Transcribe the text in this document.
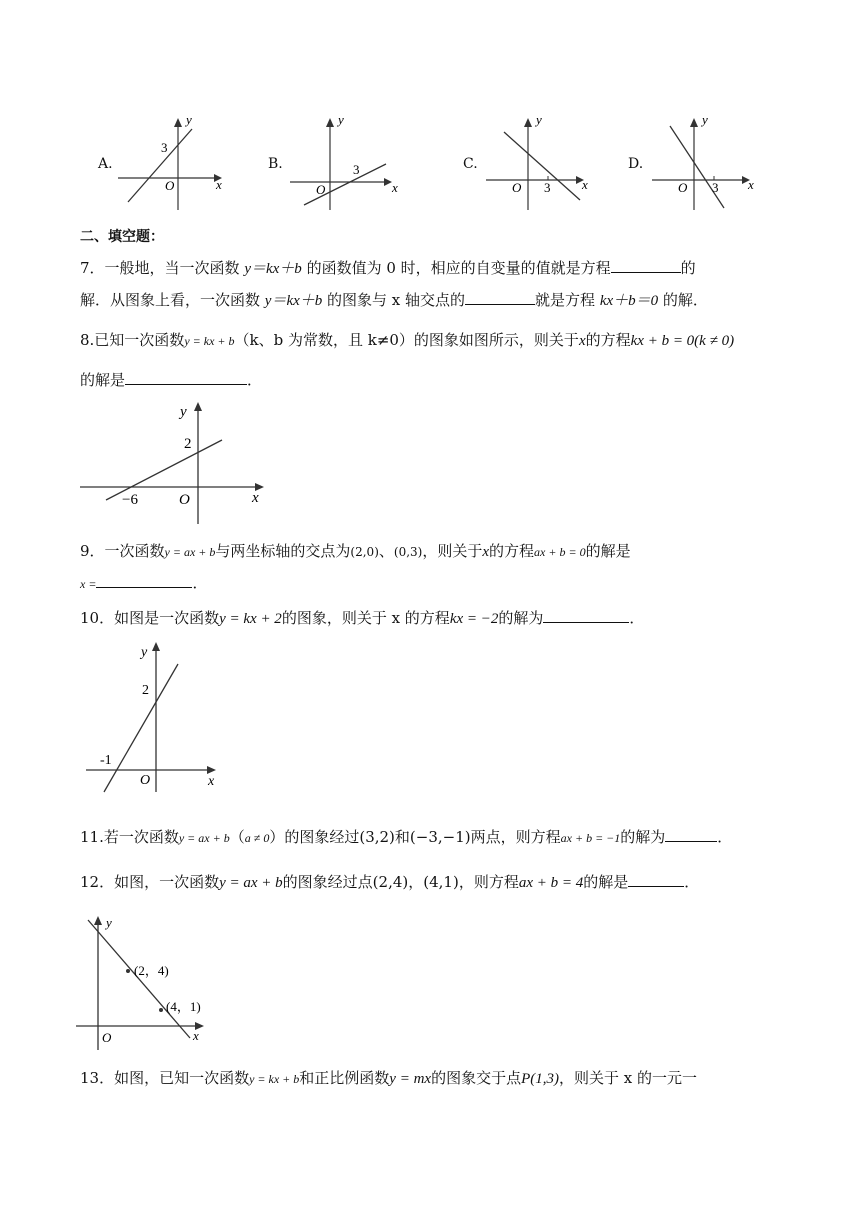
A.
y
x
O
3
B.
y
x
O
3	C.
y
x
O 3
D.
y
x
O 3
二、填空题：
7．一般地，当一次函数 y＝kx＋b 的函数值为 0 时，相应的自变量的值就是方程	的
解．从图象上看，一次函数 y＝kx＋b 的图象与 x 轴交点的	就是方程 kx＋b＝0 的解．
8.已知一次函数y = kx + b（k、b 为常数，且 k≠0）的图象如图所示，则关于x的方程kx + b = 0(k ≠ 0)
的解是	．
y
x
O
2
−6
9．一次函数y = ax + b与两坐标轴的交点为(2,0)、(0,3)，则关于x的方程ax + b = 0的解是
x =	．
10．如图是一次函数y = kx + 2的图象，则关于 x 的方程kx = −2的解为	．
y
x
O
2
-1
11.若一次函数y = ax + b（a ≠ 0）的图象经过(3,2)和(−3,−1)两点，则方程ax + b = −1的解为	．
12．如图，一次函数y = ax + b的图象经过点(2,4)，(4,1)，则方程ax + b = 4的解是	．
y
x
O
(2，4)
(4，1)
13．如图，已知一次函数y = kx + b和正比例函数y = mx的图象交于点P(1,3)，则关于 x 的一元一
